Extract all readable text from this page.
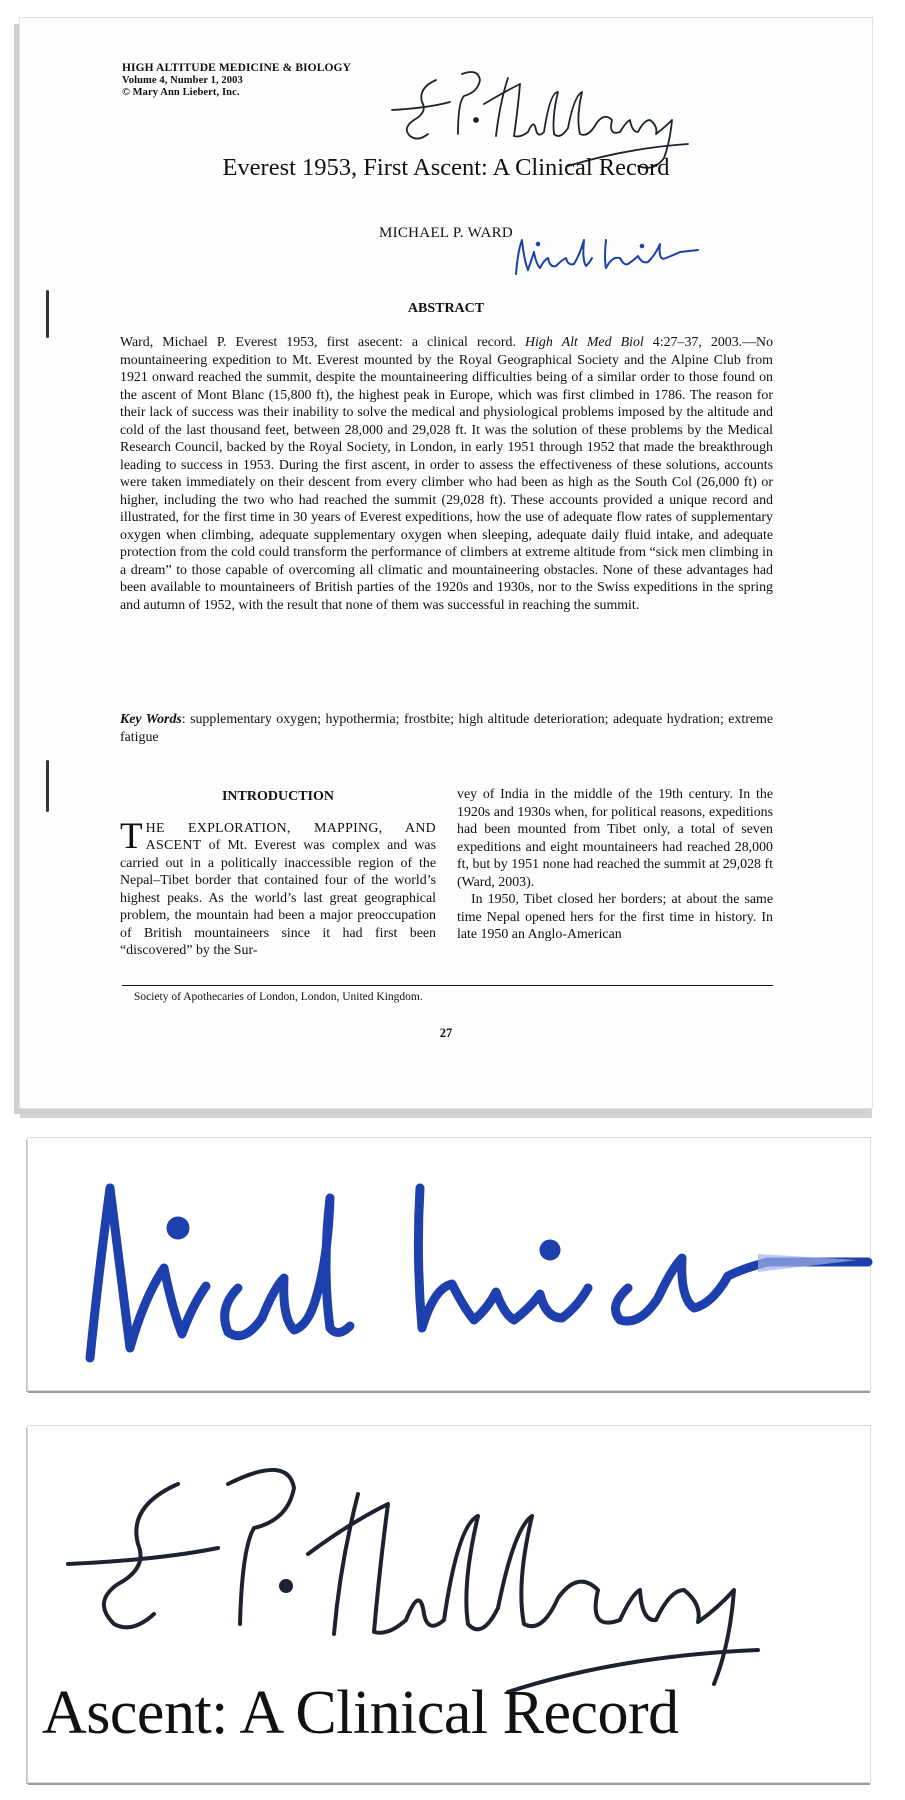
HIGH ALTITUDE MEDICINE & BIOLOGY
Volume 4, Number 1, 2003
© Mary Ann Liebert, Inc.
Everest 1953, First Ascent: A Clinical Record
MICHAEL P. WARD
ABSTRACT
Ward, Michael P. Everest 1953, first asecent: a clinical record. High Alt Med Biol 4:27–37, 2003.—No mountaineering expedition to Mt. Everest mounted by the Royal Geographical Society and the Alpine Club from 1921 onward reached the summit, despite the mountaineering difficulties being of a similar order to those found on the ascent of Mont Blanc (15,800 ft), the highest peak in Europe, which was first climbed in 1786. The reason for their lack of success was their inability to solve the medical and physiological problems imposed by the altitude and cold of the last thousand feet, between 28,000 and 29,028 ft. It was the solution of these problems by the Medical Research Council, backed by the Royal Society, in London, in early 1951 through 1952 that made the breakthrough leading to success in 1953. During the first ascent, in order to assess the effectiveness of these solutions, accounts were taken immediately on their descent from every climber who had been as high as the South Col (26,000 ft) or higher, including the two who had reached the summit (29,028 ft). These accounts provided a unique record and illustrated, for the first time in 30 years of Everest expeditions, how the use of adequate flow rates of supplementary oxygen when climbing, adequate supplementary oxygen when sleeping, adequate daily fluid intake, and adequate protection from the cold could transform the performance of climbers at extreme altitude from “sick men climbing in a dream” to those capable of overcoming all climatic and mountaineering obstacles. None of these advantages had been available to mountaineers of British parties of the 1920s and 1930s, nor to the Swiss expeditions in the spring and autumn of 1952, with the result that none of them was successful in reaching the summit.
Key Words: supplementary oxygen; hypothermia; frostbite; high altitude deterioration; adequate hydration; extreme fatigue
INTRODUCTION

THE EXPLORATION, MAPPING, AND ASCENT of Mt. Everest was complex and was carried out in a politically inaccessible region of the Nepal–Tibet border that contained four of the world’s highest peaks. As the world’s last great geographical problem, the mountain had been a major preoccupation of British mountaineers since it had first been “discovered” by the Sur-

vey of India in the middle of the 19th century. In the 1920s and 1930s when, for political reasons, expeditions had been mounted from Tibet only, a total of seven expeditions and eight mountaineers had reached 28,000 ft, but by 1951 none had reached the summit at 29,028 ft (Ward, 2003).

In 1950, Tibet closed her borders; at about the same time Nepal opened hers for the first time in history. In late 1950 an Anglo-American

Society of Apothecaries of London, London, United Kingdom.
27
Ascent: A Clinical Record
